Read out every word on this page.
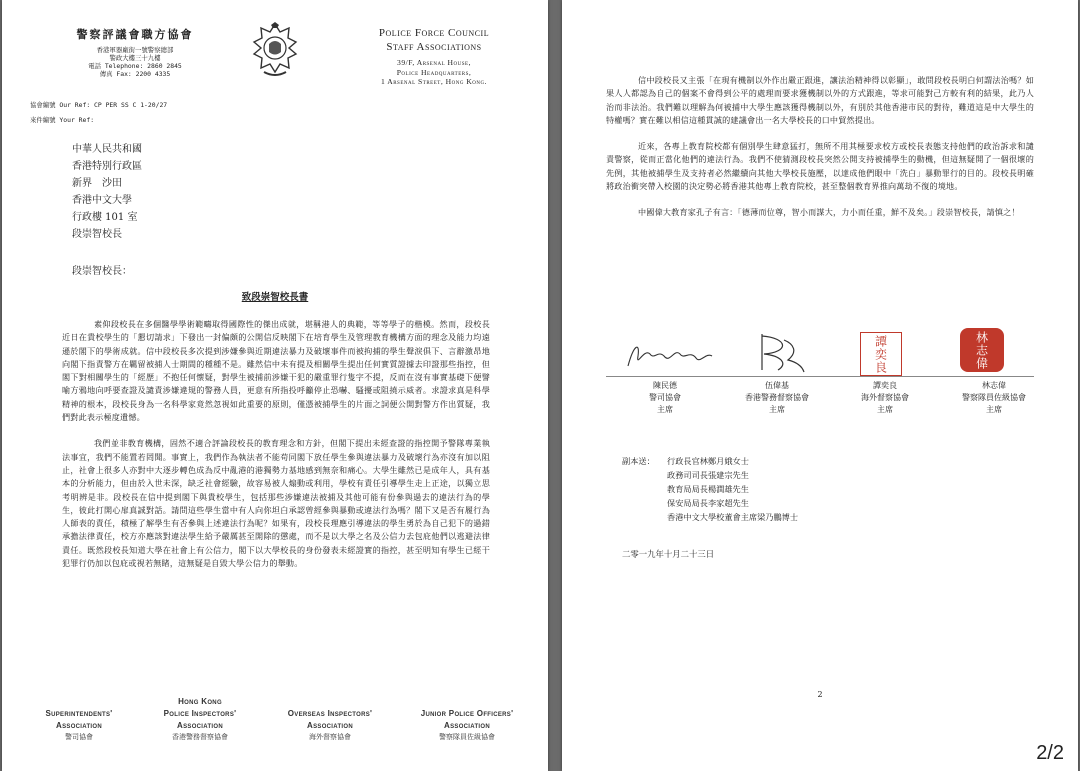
警察評議會職方協會
香港軍器廠街一號警察總部
警政大樓三十九樓
電話 Telephone: 2860 2845
傳真 Fax: 2200 4335
Police Force Council
Staff Associations
39/F, Arsenal House,
Police Headquarters,
1 Arsenal Street, Hong Kong.
協會編號 Our Ref: CP PER SS C 1-20/27
來件編號 Your Ref:
中華人民共和國
香港特別行政區
新界　沙田
香港中文大學
行政樓 101 室
段崇智校長
段崇智校長：
致段崇智校長書

素仰段校長在多個醫學學術範疇取得國際性的傑出成就，堪稱港人的典範，等等學子的楷模。然而，段校長近日在貴校學生的「懇切請求」下發出一封偏頗的公開信反映閣下在培育學生及管理教育機構方面的理念及能力均遠遜於閣下的學術成就。信中段校長多次提到涉嫌參與近期違法暴力及破壞事件而被拘捕的學生聲淚俱下、言辭激昂地向閣下指責警方在羈留被捕人士期間的種種不是。雖然信中未有提及相關學生提出任何實質證據去印證那些指控，但閣下對相關學生的「經歷」不抱任何懷疑，對學生被捕前涉嫌干犯的嚴重罪行隻字不提，反而在沒有事實基礎下便譬喻方鴉地向呼要查證及譴責涉嫌違規的警務人員，更意有所指投呼籲停止恐嚇、騷擾或阻撓示威者。求證求真是科學精神的根本，段校長身為一名科學家竟然忽視如此重要的原則，僅憑被捕學生的片面之詞便公開對警方作出質疑，我們對此表示極度遺憾。

我們並非教育機構，固然不適合評論段校長的教育理念和方針，但閣下提出未經查證的指控開予警隊專業執法事宜，我們不能置若罔聞。事實上，我們作為執法者不能苟同閣下放任學生參與違法暴力及破壞行為亦沒有加以阻止，社會上很多人亦對中大逐步轉色成為反中亂港的港獨勢力基地感到無奈和痛心。大學生雖然已是成年人，具有基本的分析能力，但由於入世未深，缺乏社會經驗，故容易被人煽動或利用，學校有責任引導學生走上正途，以獨立思考明辨是非。段校長在信中提到閣下與貴校學生，包括那些涉嫌違法被捕及其他可能有份參與過去的違法行為的學生，彼此打開心扉真誠對話。請問這些學生當中有人向你坦白承認曾經參與暴動或違法行為嗎？閣下又是否有履行為人師表的責任，積極了解學生有否參與上述違法行為呢？如果有，段校長理應引導違法的學生勇於為自己犯下的過錯承擔法律責任，校方亦應該對違法學生給予嚴厲甚至開除的懲處，而不是以大學之名及公信力去包庇他們以逃避法律責任。既然段校長知道大學在社會上有公信力，閣下以大學校長的身份發表未經證實的指控，甚至明知有學生已經干犯罪行仍加以包庇或視若無睹，這無疑是自毀大學公信力的舉動。

Superintendents'
Association
警司協會
Hong Kong
Police Inspectors'
Association
香港警務督察協會
Overseas Inspectors'
Association
海外督察協會
Junior Police Officers'
Association
警察隊員佐級協會

信中段校長又主張「在現有機制以外作出嚴正跟進，讓法治精神得以彰顯」，敢問段校長明白何謂法治嗎？如果人人都認為自己的個案不會得到公平的處理而要求獲機制以外的方式跟進，等求可能對己方較有利的結果，此乃人治而非法治。我們難以理解為何被捕中大學生應該獲得機制以外，有別於其他香港市民的對待，難道這是中大學生的特權嗎？實在難以相信這種貫誠的建議會出一名大學校長的口中貿然提出。

近來，各專上教育院校都有個別學生肆意猛打，無所不用其極要求校方或校長表態支持他們的政治訴求和譴責警察，從而正當化他們的違法行為。我們不使猜測段校長突然公開支持被捕學生的動機，但這無疑開了一個很壞的先例，其他被捕學生及支持者必然繼續向其他大學校長施壓，以達成他們眼中「洗白」暴動罪行的目的。段校長明確將政治衝突帶入校園的決定勢必將香港其他專上教育院校，甚至整個教育界推向萬劫不復的境地。

中國偉大教育家孔子有言：「德薄而位尊，智小而謀大，力小而任重，鮮不及矣。」段崇智校長，請慎之！

譚奕良	林志偉
陳民德
警司協會
主席
伍偉基
香港警務督察協會
主席
譚奕良
海外督察協會
主席
林志偉
警察隊員佐級協會
主席
副本送： 行政長官林鄭月娥女士
政務司司長張建宗先生
教育局局長楊潤雄先生
保安局局長李家超先生
香港中文大學校董會主席梁乃鵬博士
二零一九年十月二十三日
2
2/2
